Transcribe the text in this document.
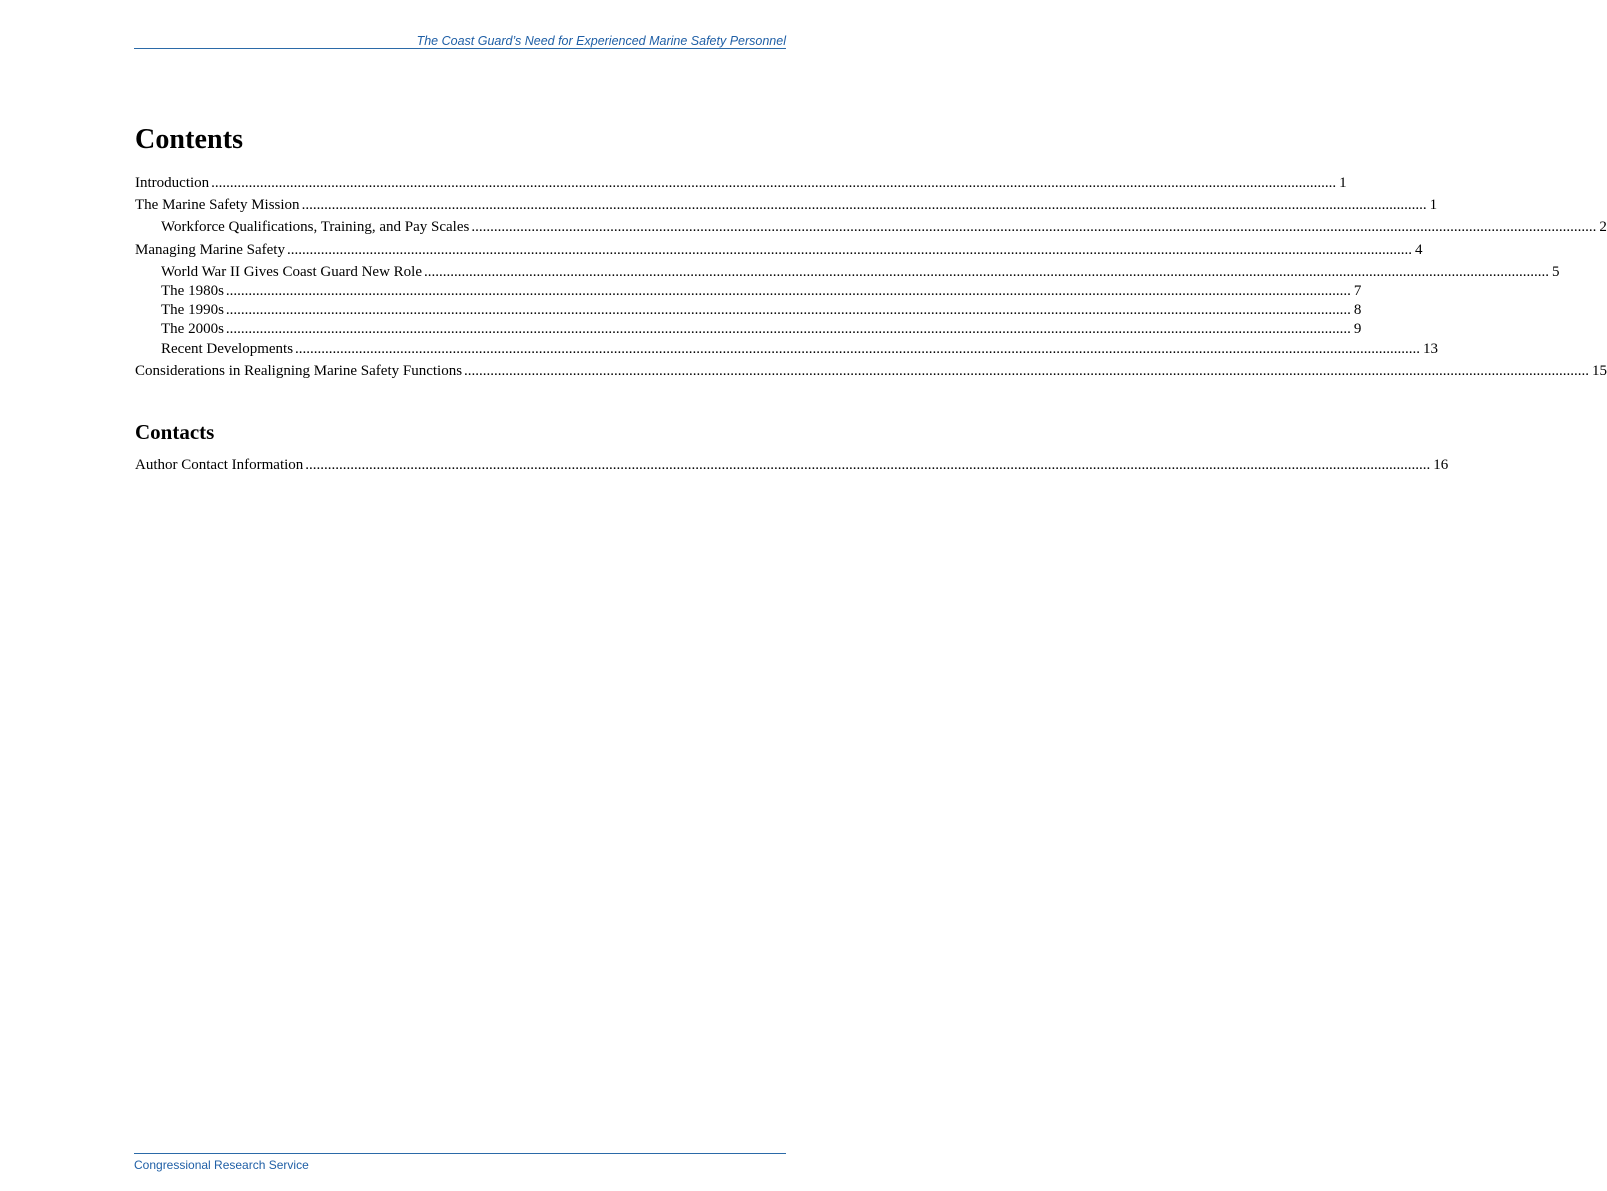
The Coast Guard’s Need for Experienced Marine Safety Personnel
Contents
Introduction ............................................................................................................................................................................................................................................................................................................ 1
The Marine Safety Mission ............................................................................................................................................................................................................................................................................................................ 1
Workforce Qualifications, Training, and Pay Scales ............................................................................................................................................................................................................................................................................................................ 2
Managing Marine Safety ............................................................................................................................................................................................................................................................................................................ 4
World War II Gives Coast Guard New Role ............................................................................................................................................................................................................................................................................................................ 5
The 1980s ............................................................................................................................................................................................................................................................................................................ 7
The 1990s ............................................................................................................................................................................................................................................................................................................ 8
The 2000s ............................................................................................................................................................................................................................................................................................................ 9
Recent Developments ............................................................................................................................................................................................................................................................................................................ 13
Considerations in Realigning Marine Safety Functions ............................................................................................................................................................................................................................................................................................................ 15
Contacts
Author Contact Information ............................................................................................................................................................................................................................................................................................................ 16
Congressional Research Service
